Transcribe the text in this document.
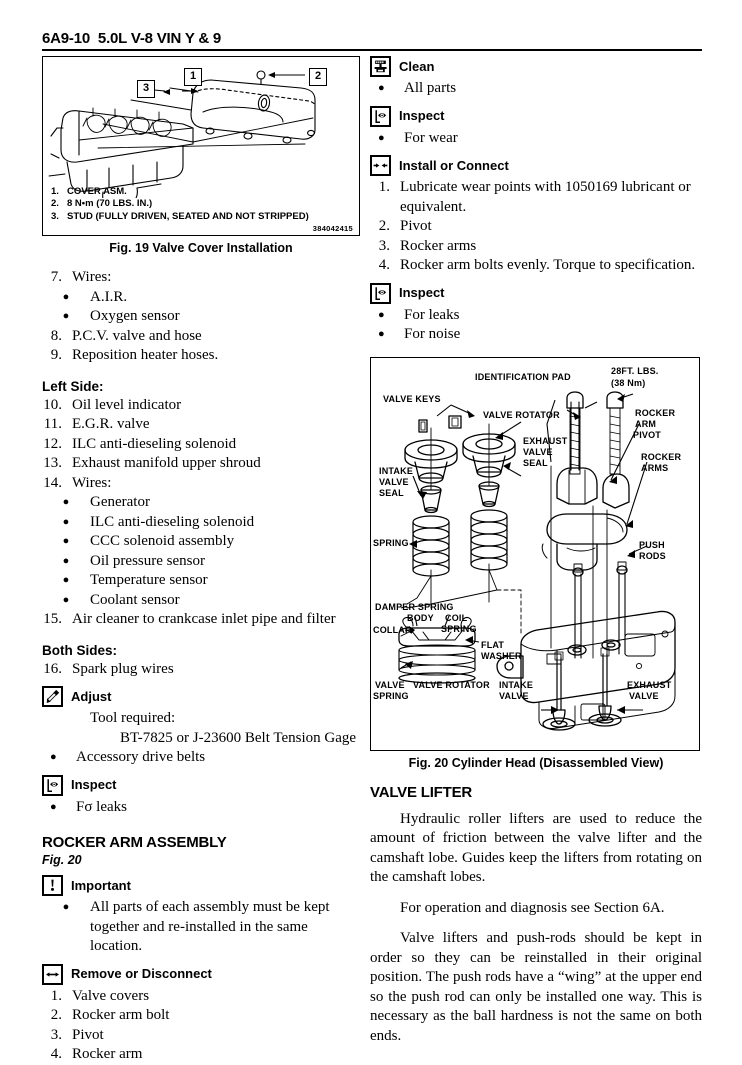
6A9-10  5.0L V-8 VIN Y & 9
1	2
3
1. COVER ASM.
2. 8 N•m (70 LBS. IN.)
3. STUD (FULLY DRIVEN, SEATED AND NOT STRIPPED)
384042415
Fig. 19 Valve Cover Installation
7. Wires:
●	A.I.R.
●	Oxygen sensor
8. P.C.V. valve and hose
9. Reposition heater hoses.
Left Side:
10. Oil level indicator
11. E.G.R. valve
12. ILC anti-dieseling solenoid
13. Exhaust manifold upper shroud
14. Wires:
●	Generator
●	ILC anti-dieseling solenoid
●	CCC solenoid assembly
●	Oil pressure sensor
●	Temperature sensor
●	Coolant sensor
15. Air cleaner to crankcase inlet pipe and filter
Both Sides:
16. Spark plug wires
Adjust
Tool required:
BT-7825 or J-23600 Belt Tension Gage
●	Accessory drive belts
Inspect
●	Fσ leaks
ROCKER ARM ASSEMBLY
Fig. 20
Important
●	All parts of each assembly must be kept together and re-installed in the same location.
Remove or Disconnect
1. Valve covers
2. Rocker arm bolt
3. Pivot
4. Rocker arm
Clean
●	All parts
Inspect
●	For wear
Install or Connect
1. Lubricate wear points with 1050169 lubricant or equivalent.
2. Pivot
3. Rocker arms
4. Rocker arm bolts evenly. Torque to specification.
Inspect
●	For leaks
●	For noise
IDENTIFICATION PAD
28FT. LBS.
(38 Nm)
VALVE KEYS
VALVE ROTATOR	ROCKER
ARM
PIVOT
EXHAUST
VALVE
SEAL
ROCKER
ARMS
INTAKE
VALVE
SEAL
SPRING	PUSH
RODS
DAMPER SPRING
BODY COIL
SPRING
COLLAR
FLAT
WASHER
VALVE
SPRING
VALVE ROTATOR INTAKE
VALVE
EXHAUST
VALVE
Fig. 20 Cylinder Head (Disassembled View)
VALVE LIFTER

Hydraulic roller lifters are used to reduce the amount of friction between the valve lifter and the camshaft lobe. Guides keep the lifters from rotating on the camshaft lobes.

For operation and diagnosis see Section 6A.

Valve lifters and push-rods should be kept in order so they can be reinstalled in their original position. The push rods have a “wing” at the upper end so the push rod can only be installed one way. This is necessary as the ball hardness is not the same on both ends.
